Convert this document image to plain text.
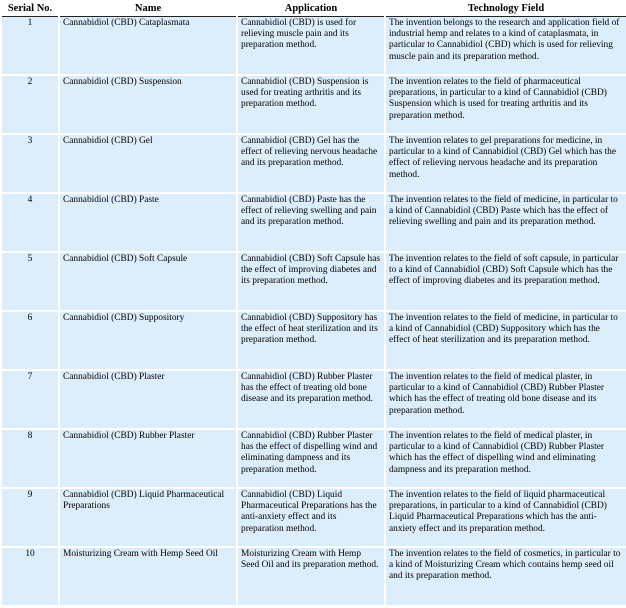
Serial No.	Name	Application	Technology Field
1	Cannabidiol (CBD) Cataplasmata	Cannabidiol (CBD) is used for relieving muscle pain and its preparation method.	The invention belongs to the research and application field of industrial hemp and relates to a kind of cataplasmata, in particular to Cannabidiol (CBD) which is used for relieving muscle pain and its preparation method.

2	Cannabidiol (CBD) Suspension	Cannabidiol (CBD) Suspension is used for treating arthritis and its preparation method.	The invention relates to the field of pharmaceutical preparations, in particular to a kind of Cannabidiol (CBD) Suspension which is used for treating arthritis and its preparation method.

3	Cannabidiol (CBD) Gel	Cannabidiol (CBD) Gel has the effect of relieving nervous headache and its preparation method.	The invention relates to gel preparations for medicine, in particular to a kind of Cannabidiol (CBD) Gel which has the effect of relieving nervous headache and its preparation method.

4	Cannabidiol (CBD) Paste	Cannabidiol (CBD) Paste has the effect of relieving swelling and pain and its preparation method.	The invention relates to the field of medicine, in particular to a kind of Cannabidiol (CBD) Paste which has the effect of relieving swelling and pain and its preparation method.

5	Cannabidiol (CBD) Soft Capsule	Cannabidiol (CBD) Soft Capsule has the effect of improving diabetes and its preparation method.	The invention relates to the field of soft capsule, in particular to a kind of Cannabidiol (CBD) Soft Capsule which has the effect of improving diabetes and its preparation method.

6	Cannabidiol (CBD) Suppository	Cannabidiol (CBD) Suppository has the effect of heat sterilization and its preparation method.	The invention relates to the field of medicine, in particular to a kind of Cannabidiol (CBD) Suppository which has the effect of heat sterilization and its preparation method.

7	Cannabidiol (CBD) Plaster	Cannabidiol (CBD) Rubber Plaster has the effect of treating old bone disease and its preparation method.	The invention relates to the field of medical plaster, in particular to a kind of Cannabidiol (CBD) Rubber Plaster which has the effect of treating old bone disease and its preparation method.

8	Cannabidiol (CBD) Rubber Plaster	Cannabidiol (CBD) Rubber Plaster has the effect of dispelling wind and eliminating dampness and its preparation method.	The invention relates to the field of medical plaster, in particular to a kind of Cannabidiol (CBD) Rubber Plaster which has the effect of dispelling wind and eliminating dampness and its preparation method.

9	Cannabidiol (CBD) Liquid Pharmaceutical Preparations	Cannabidiol (CBD) Liquid Pharmaceutical Preparations has the anti-anxiety effect and its preparation method.	The invention relates to the field of liquid pharmaceutical preparations, in particular to a kind of Cannabidiol (CBD) Liquid Pharmaceutical Preparations which has the anti-anxiety effect and its preparation method.

10	Moisturizing Cream with Hemp Seed Oil	Moisturizing Cream with Hemp Seed Oil and its preparation method.	The invention relates to the field of cosmetics, in particular to a kind of Moisturizing Cream which contains hemp seed oil and its preparation method.
